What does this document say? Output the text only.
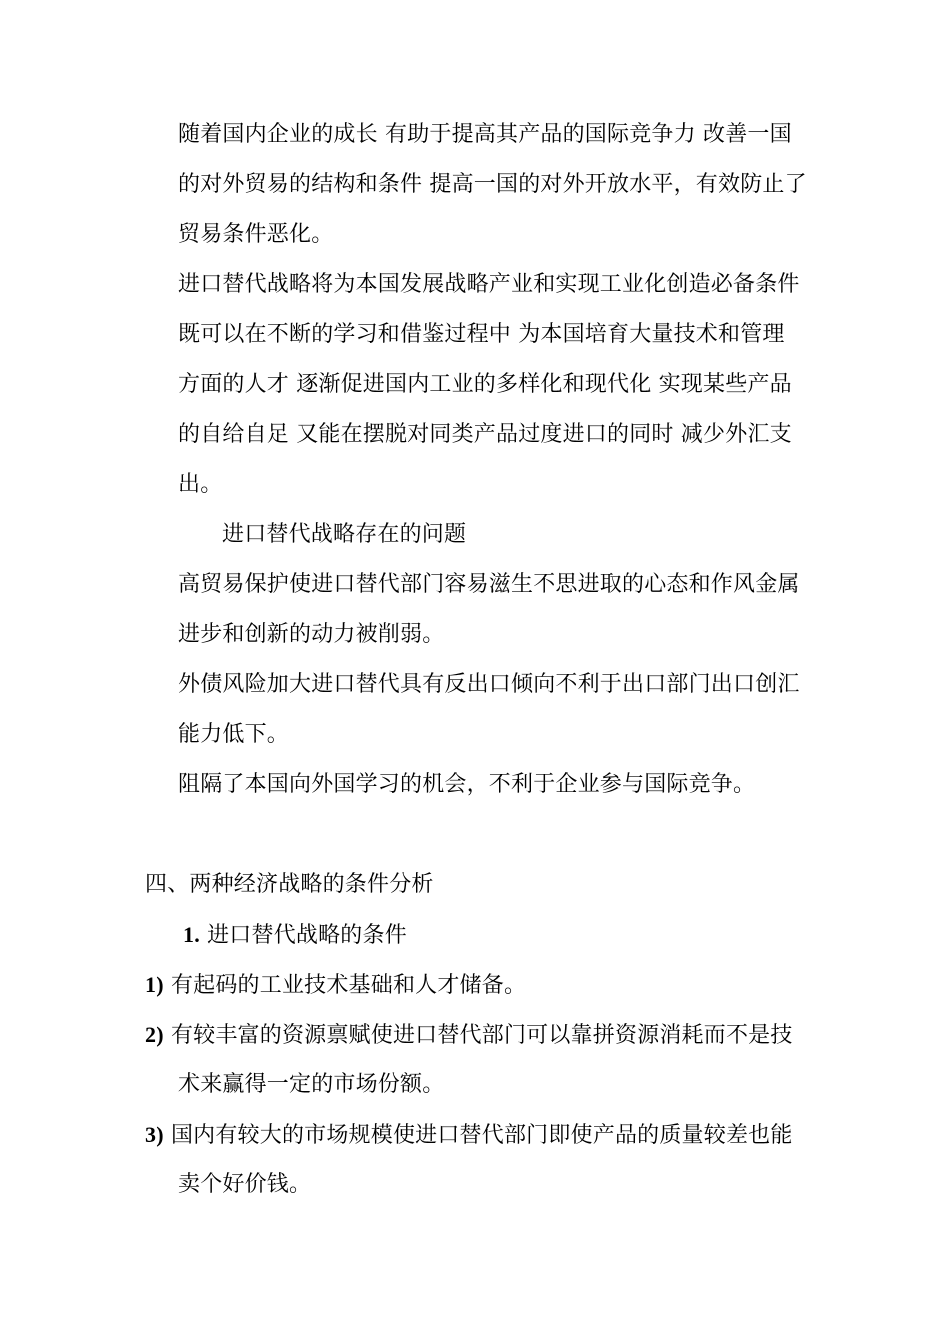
随着国内企业的成长 有助于提高其产品的国际竞争力 改善一国
的对外贸易的结构和条件 提高一国的对外开放水平，有效防止了
贸易条件恶化。
进口替代战略将为本国发展战略产业和实现工业化创造必备条件
既可以在不断的学习和借鉴过程中 为本国培育大量技术和管理
方面的人才 逐渐促进国内工业的多样化和现代化 实现某些产品
的自给自足 又能在摆脱对同类产品过度进口的同时 减少外汇支
出。
进口替代战略存在的问题
高贸易保护使进口替代部门容易滋生不思进取的心态和作风金属
进步和创新的动力被削弱。
外债风险加大进口替代具有反出口倾向不利于出口部门出口创汇
能力低下。
阻隔了本国向外国学习的机会，不利于企业参与国际竞争。
四、两种经济战略的条件分析
1. 进口替代战略的条件
1) 有起码的工业技术基础和人才储备。
2) 有较丰富的资源禀赋使进口替代部门可以靠拼资源消耗而不是技
术来赢得一定的市场份额。
3) 国内有较大的市场规模使进口替代部门即使产品的质量较差也能
卖个好价钱。
